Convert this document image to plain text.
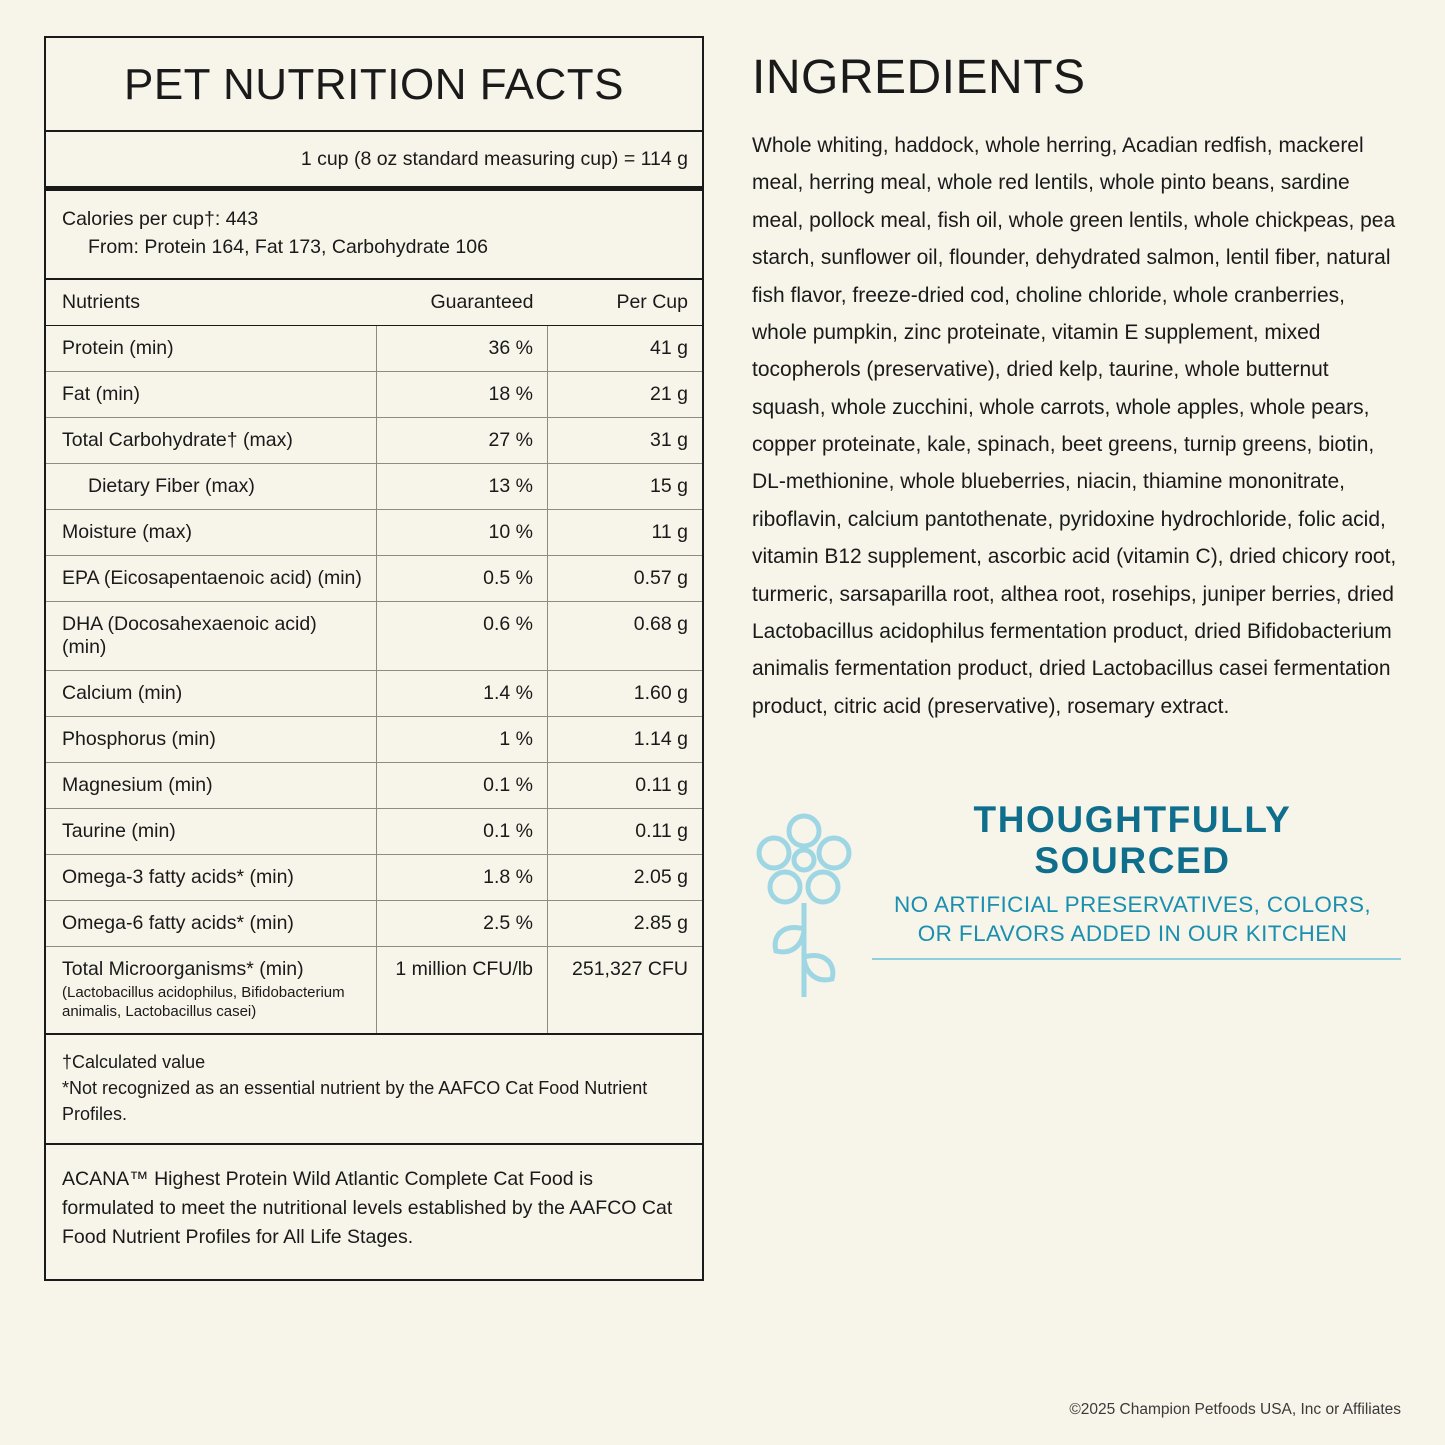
PET NUTRITION FACTS
1 cup (8 oz standard measuring cup) = 114 g
Calories per cup†: 443
From: Protein 164, Fat 173, Carbohydrate 106
Nutrients	Guaranteed	Per Cup
Protein (min)	36 %	41 g
Fat (min)	18 %	21 g
Total Carbohydrate† (max)	27 %	31 g
Dietary Fiber (max)	13 %	15 g
Moisture (max)	10 %	11 g
EPA (Eicosapentaenoic acid) (min)	0.5 %	0.57 g
DHA (Docosahexaenoic acid) (min)	0.6 %	0.68 g
Calcium (min)	1.4 %	1.60 g
Phosphorus (min)	1 %	1.14 g
Magnesium (min)	0.1 %	0.11 g
Taurine (min)	0.1 %	0.11 g
Omega-3 fatty acids* (min)	1.8 %	2.05 g
Omega-6 fatty acids* (min)	2.5 %	2.85 g
Total Microorganisms* (min)
(Lactobacillus acidophilus, Bifidobacterium animalis, Lactobacillus casei)	1 million CFU/lb	251,327 CFU
†Calculated value
*Not recognized as an essential nutrient by the AAFCO Cat Food Nutrient Profiles.
ACANA™ Highest Protein Wild Atlantic Complete Cat Food is formulated to meet the nutritional levels established by the AAFCO Cat Food Nutrient Profiles for All Life Stages.
INGREDIENTS
Whole whiting, haddock, whole herring, Acadian redfish, mackerel meal, herring meal, whole red lentils, whole pinto beans, sardine meal, pollock meal, fish oil, whole green lentils, whole chickpeas, pea starch, sunflower oil, flounder, dehydrated salmon, lentil fiber, natural fish flavor, freeze-dried cod, choline chloride, whole cranberries, whole pumpkin, zinc proteinate, vitamin E supplement, mixed tocopherols (preservative), dried kelp, taurine, whole butternut squash, whole zucchini, whole carrots, whole apples, whole pears, copper proteinate, kale, spinach, beet greens, turnip greens, biotin, DL-methionine, whole blueberries, niacin, thiamine mononitrate, riboflavin, calcium pantothenate, pyridoxine hydrochloride, folic acid, vitamin B12 supplement, ascorbic acid (vitamin C), dried chicory root, turmeric, sarsaparilla root, althea root, rosehips, juniper berries, dried Lactobacillus acidophilus fermentation product, dried Bifidobacterium animalis fermentation product, dried Lactobacillus casei fermentation product, citric acid (preservative), rosemary extract.
THOUGHTFULLY
SOURCED
NO ARTIFICIAL PRESERVATIVES, COLORS,
OR FLAVORS ADDED IN OUR KITCHEN
©2025 Champion Petfoods USA, Inc or Affiliates
